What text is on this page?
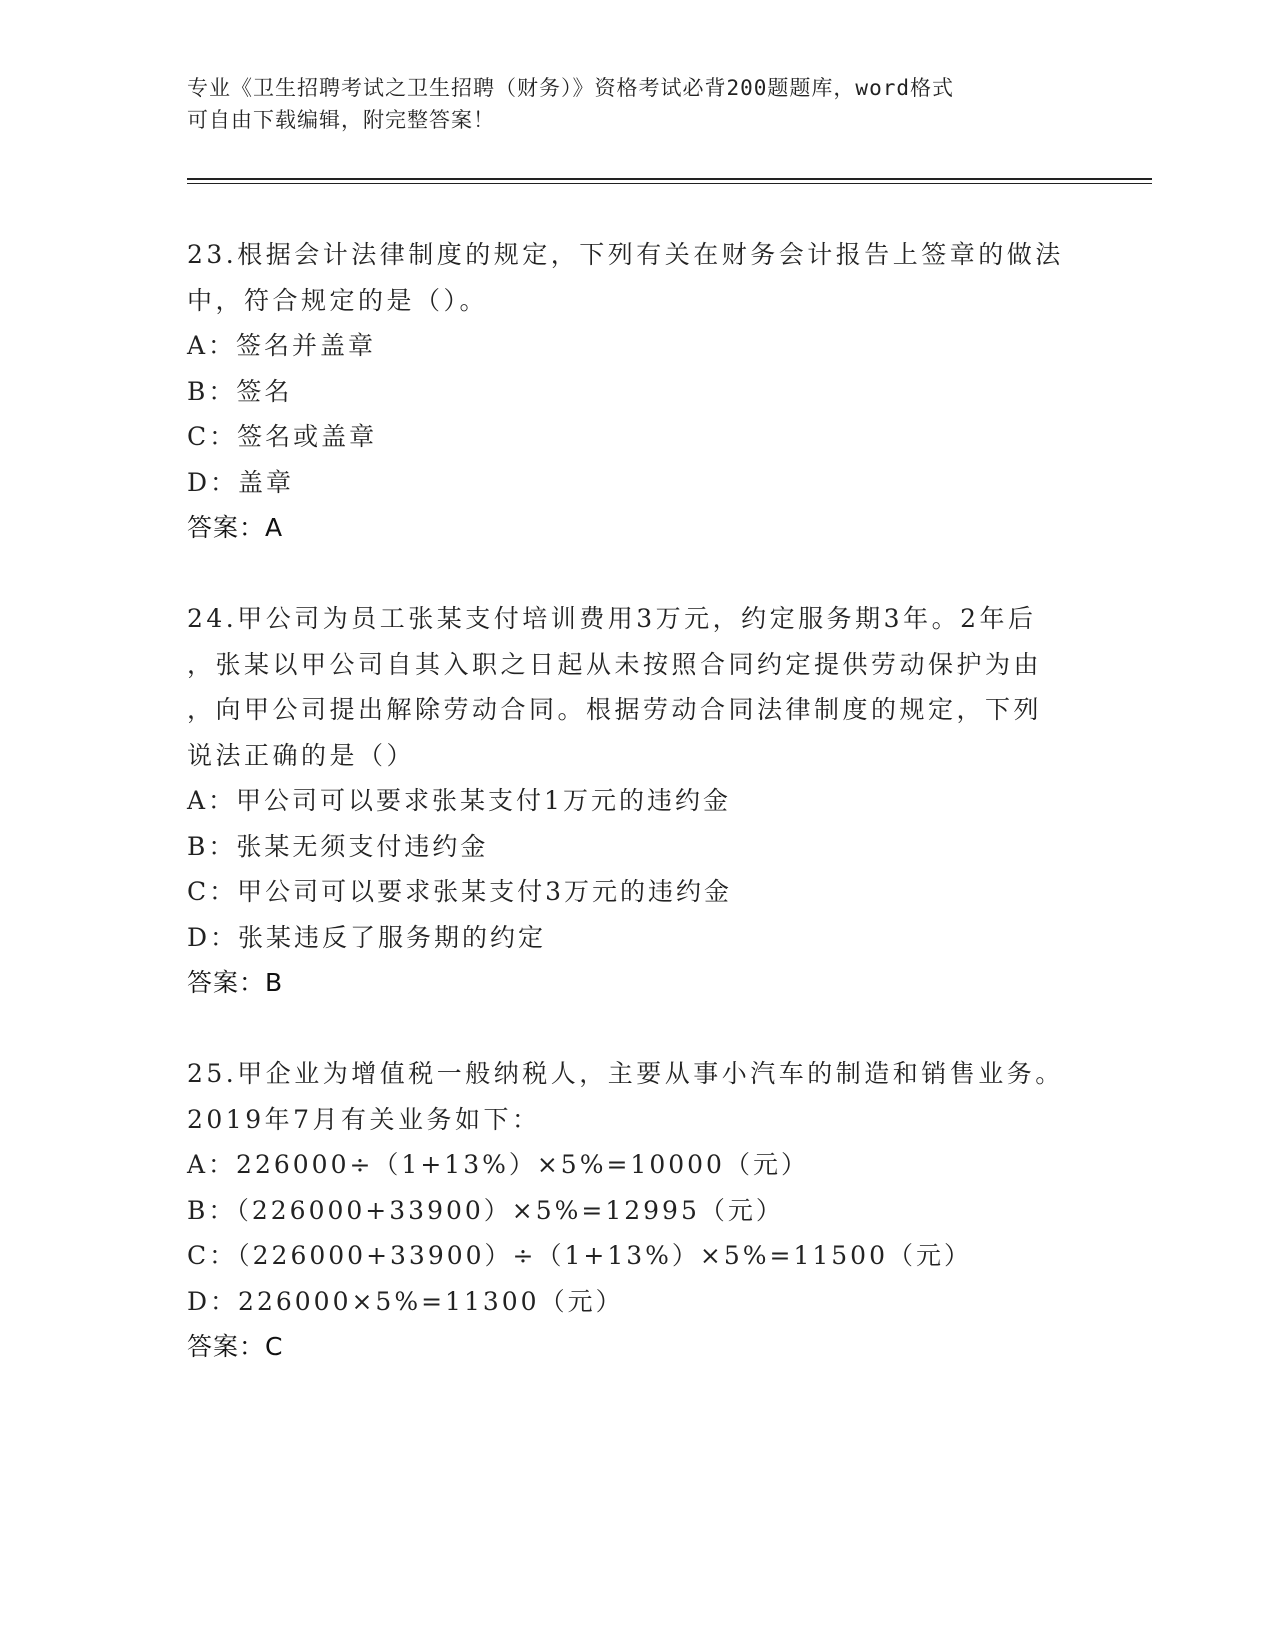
专业《卫生招聘考试之卫生招聘（财务）》资格考试必背200题题库，word格式
可自由下载编辑，附完整答案！
23.根据会计法律制度的规定，下列有关在财务会计报告上签章的做法
中，符合规定的是（）。
A：签名并盖章
B：签名
C：签名或盖章
D：盖章
答案：A
24.甲公司为员工张某支付培训费用3万元，约定服务期3年。2年后
，张某以甲公司自其入职之日起从未按照合同约定提供劳动保护为由
，向甲公司提出解除劳动合同。根据劳动合同法律制度的规定，下列
说法正确的是（）
A：甲公司可以要求张某支付1万元的违约金
B：张某无须支付违约金
C：甲公司可以要求张某支付3万元的违约金
D：张某违反了服务期的约定
答案：B
25.甲企业为增值税一般纳税人，主要从事小汽车的制造和销售业务。
2019年7月有关业务如下：
A：226000÷（1+13%）×5%=10000（元）
B：（226000+33900）×5%=12995（元）
C：（226000+33900）÷（1+13%）×5%=11500（元）
D：226000×5%=11300（元）
答案：C
